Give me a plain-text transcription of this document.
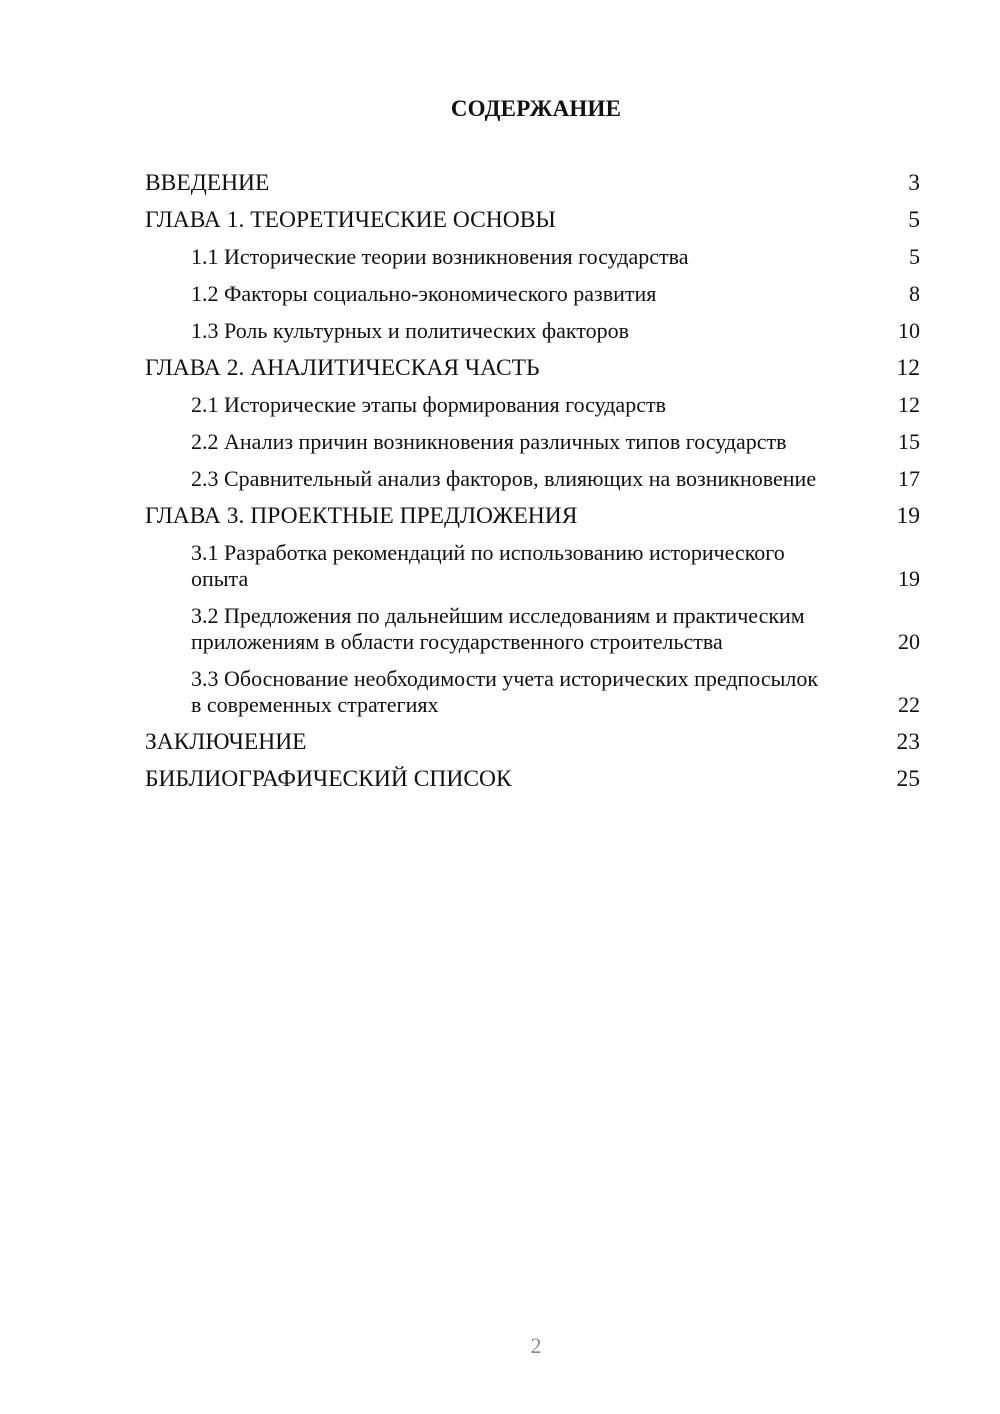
СОДЕРЖАНИЕ
ВВЕДЕНИЕ	3
ГЛАВА 1. ТЕОРЕТИЧЕСКИЕ ОСНОВЫ	5
1.1 Исторические теории возникновения государства	5
1.2 Факторы социально-экономического развития	8
1.3 Роль культурных и политических факторов	10
ГЛАВА 2. АНАЛИТИЧЕСКАЯ ЧАСТЬ	12
2.1 Исторические этапы формирования государств	12
2.2 Анализ причин возникновения различных типов государств	15
2.3 Сравнительный анализ факторов, влияющих на возникновение	17
ГЛАВА 3. ПРОЕКТНЫЕ ПРЕДЛОЖЕНИЯ	19
3.1 Разработка рекомендаций по использованию исторического опыта	19
3.2 Предложения по дальнейшим исследованиям и практическим приложениям в области государственного строительства	20
3.3 Обоснование необходимости учета исторических предпосылок в современных стратегиях	22
ЗАКЛЮЧЕНИЕ	23
БИБЛИОГРАФИЧЕСКИЙ СПИСОК	25
2
